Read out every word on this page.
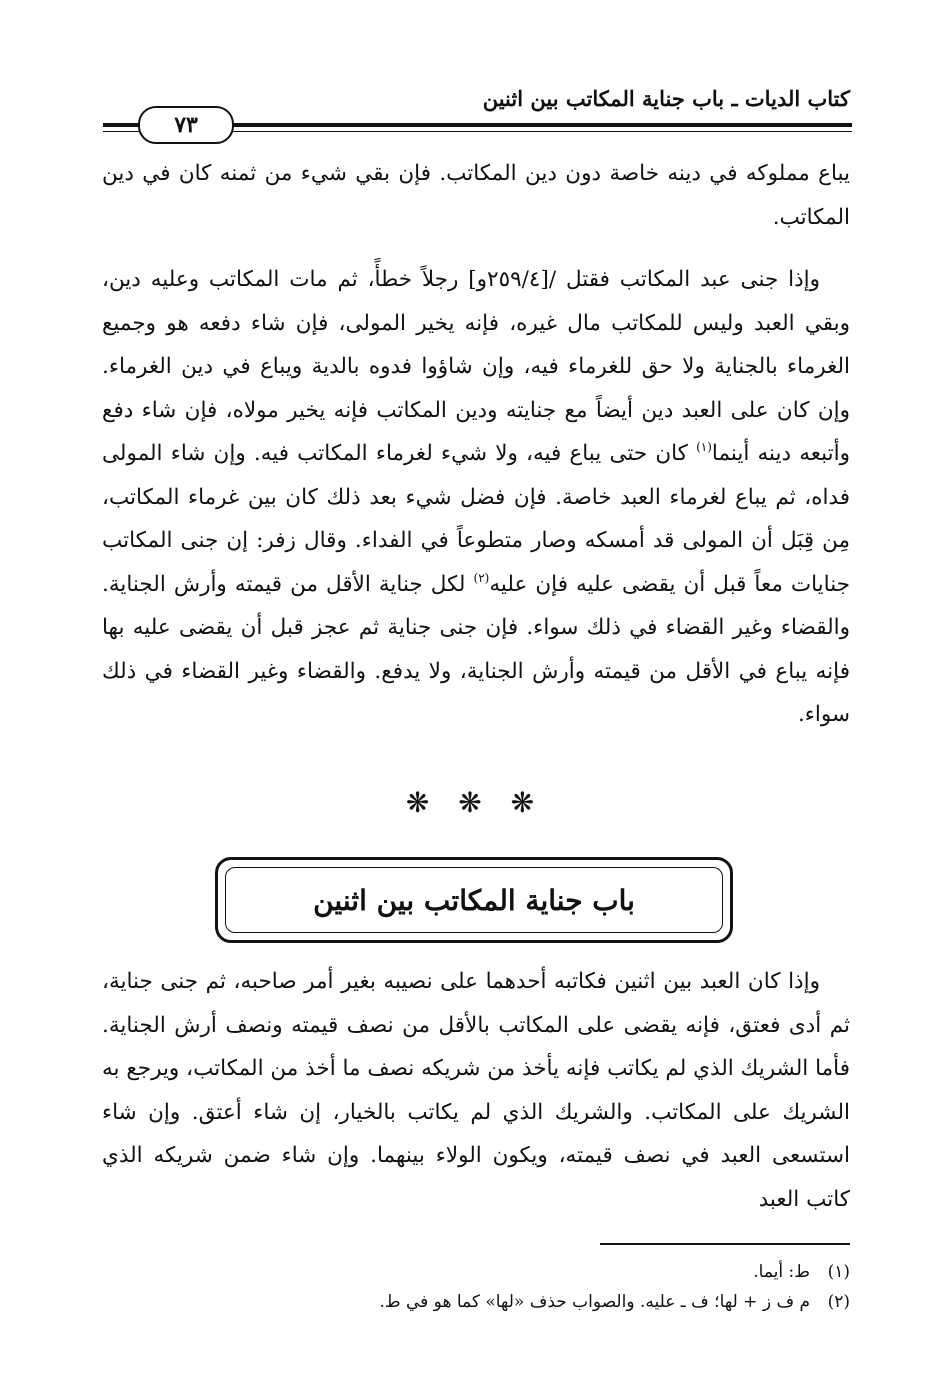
كتاب الديات ـ باب جناية المكاتب بين اثنين
٧٣

يباع مملوكه في دينه خاصة دون دين المكاتب. فإن بقي شيء من ثمنه كان في دين المكاتب.

وإذا جنى عبد المكاتب فقتل /[٢٥٩/٤و] رجلاً خطأً، ثم مات المكاتب وعليه دين، وبقي العبد وليس للمكاتب مال غيره، فإنه يخير المولى، فإن شاء دفعه هو وجميع الغرماء بالجناية ولا حق للغرماء فيه، وإن شاؤوا فدوه بالدية ويباع في دين الغرماء. وإن كان على العبد دين أيضاً مع جنايته ودين المكاتب فإنه يخير مولاه، فإن شاء دفع وأتبعه دينه أينما$^{(١)}$ كان حتى يباع فيه، ولا شيء لغرماء المكاتب فيه. وإن شاء المولى فداه، ثم يباع لغرماء العبد خاصة. فإن فضل شيء بعد ذلك كان بين غرماء المكاتب، مِن قِبَل أن المولى قد أمسكه وصار متطوعاً في الفداء. وقال زفر: إن جنى المكاتب جنايات معاً قبل أن يقضى عليه فإن عليه$^{(٢)}$ لكل جناية الأقل من قيمته وأرش الجناية. والقضاء وغير القضاء في ذلك سواء. فإن جنى جناية ثم عجز قبل أن يقضى عليه بها فإنه يباع في الأقل من قيمته وأرش الجناية، ولا يدفع. والقضاء وغير القضاء في ذلك سواء.

❋ ❋ ❋
باب جناية المكاتب بين اثنين

وإذا كان العبد بين اثنين فكاتبه أحدهما على نصيبه بغير أمر صاحبه، ثم جنى جناية، ثم أدى فعتق، فإنه يقضى على المكاتب بالأقل من نصف قيمته ونصف أرش الجناية. فأما الشريك الذي لم يكاتب فإنه يأخذ من شريكه نصف ما أخذ من المكاتب، ويرجع به الشريك على المكاتب. والشريك الذي لم يكاتب بالخيار، إن شاء أعتق. وإن شاء استسعى العبد في نصف قيمته، ويكون الولاء بينهما. وإن شاء ضمن شريكه الذي كاتب العبد

(١)ط: أيما.
(٢)م ف ز + لها؛ ف ـ عليه. والصواب حذف «لها» كما هو في ط.
